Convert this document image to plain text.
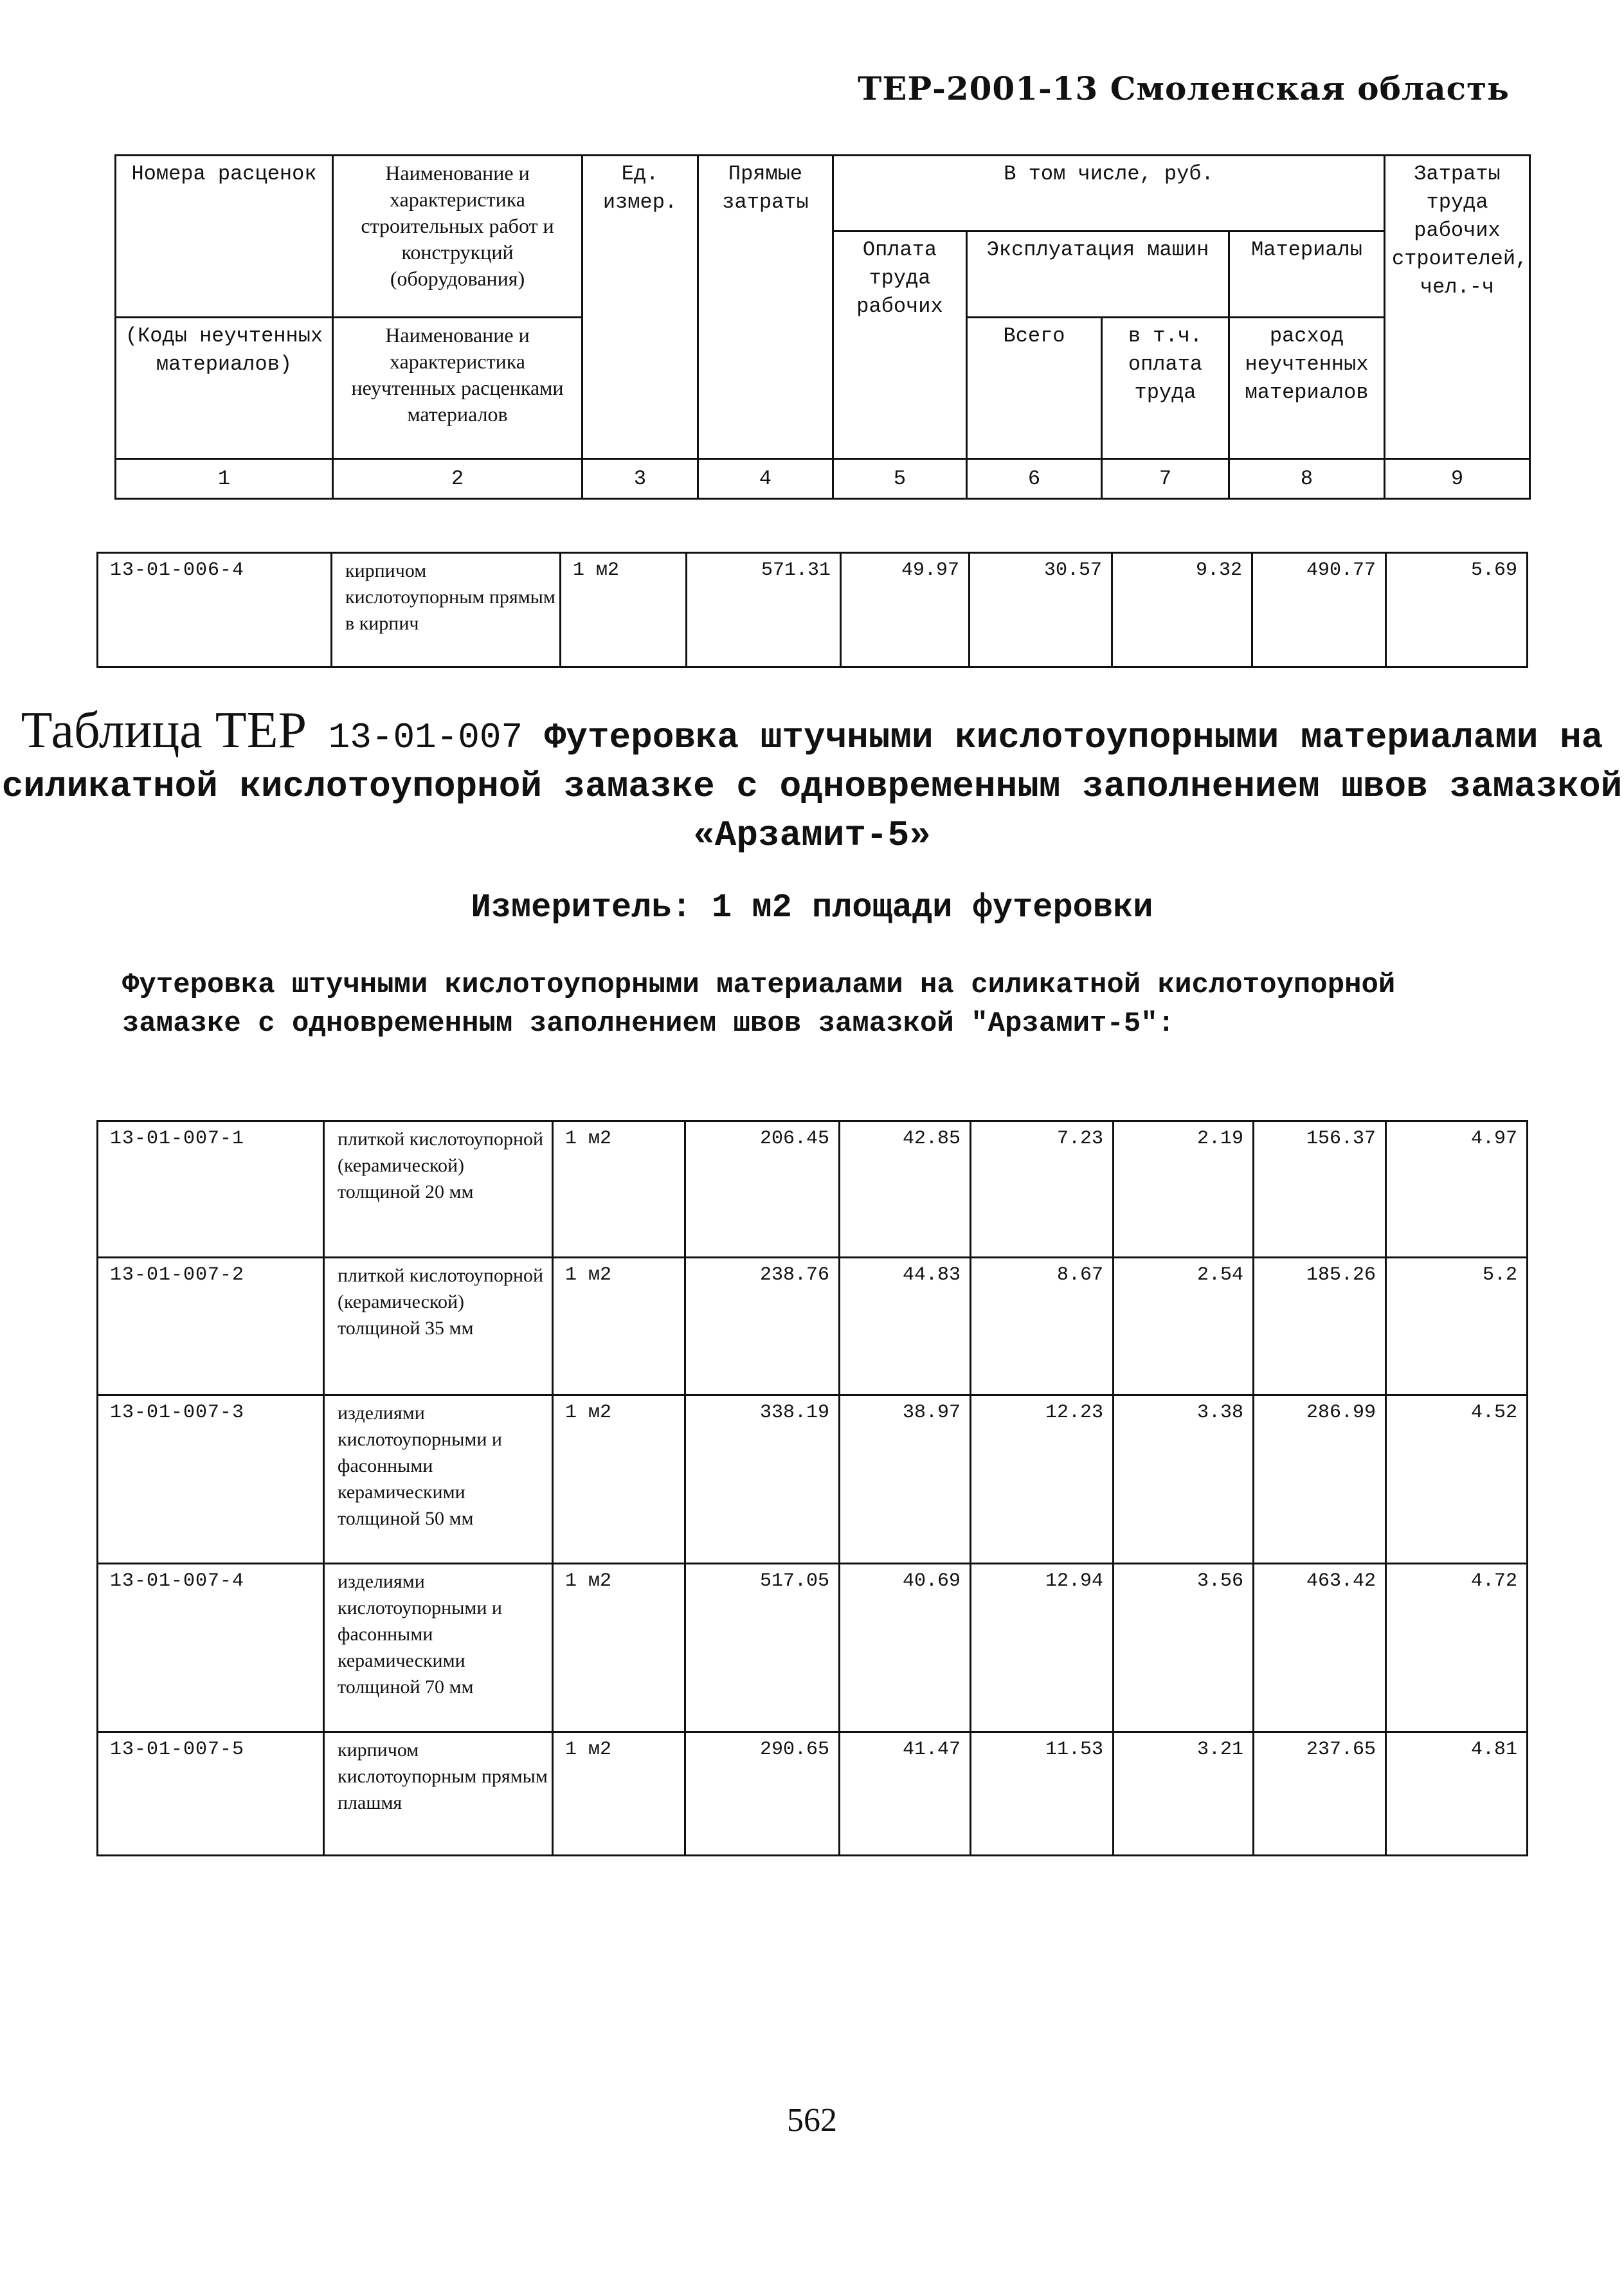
ТЕР-2001-13 Смоленская область
Номера расценок	Наименование и характеристика строительных работ и конструкций (оборудования)	Ед. измер.	Прямые затраты	В том числе, руб.				Затраты труда рабочих строителей, чел.-ч
				Оплата труда рабочих	Эксплуатация машин		Материалы	
(Коды неучтенных материалов)	Наименование и характеристика неучтенных расценками материалов				Всего	в т.ч. оплата труда	расход неучтенных материалов	
1	2	3	4	5	6	7	8	9
13-01-006-4	кирпичом кислотоупорным прямым в кирпич	1 м2	571.31	49.97	30.57	9.32	490.77	5.69
Таблица ТЕР 13-01-007 Футеровка штучными кислотоупорными материалами на силикатной кислотоупорной замазке с одновременным заполнением швов замазкой «Арзамит-5»
Измеритель: 1 м2 площади футеровки
Футеровка штучными кислотоупорными материалами на силикатной кислотоупорной замазке с одновременным заполнением швов замазкой "Арзамит-5":
13-01-007-1	плиткой кислотоупорной (керамической) толщиной 20 мм	1 м2	206.45	42.85	7.23	2.19	156.37	4.97
13-01-007-2	плиткой кислотоупорной (керамической) толщиной 35 мм	1 м2	238.76	44.83	8.67	2.54	185.26	5.2
13-01-007-3	изделиями кислотоупорными и фасонными керамическими толщиной 50 мм	1 м2	338.19	38.97	12.23	3.38	286.99	4.52
13-01-007-4	изделиями кислотоупорными и фасонными керамическими толщиной 70 мм	1 м2	517.05	40.69	12.94	3.56	463.42	4.72
13-01-007-5	кирпичом кислотоупорным прямым плашмя	1 м2	290.65	41.47	11.53	3.21	237.65	4.81
562
